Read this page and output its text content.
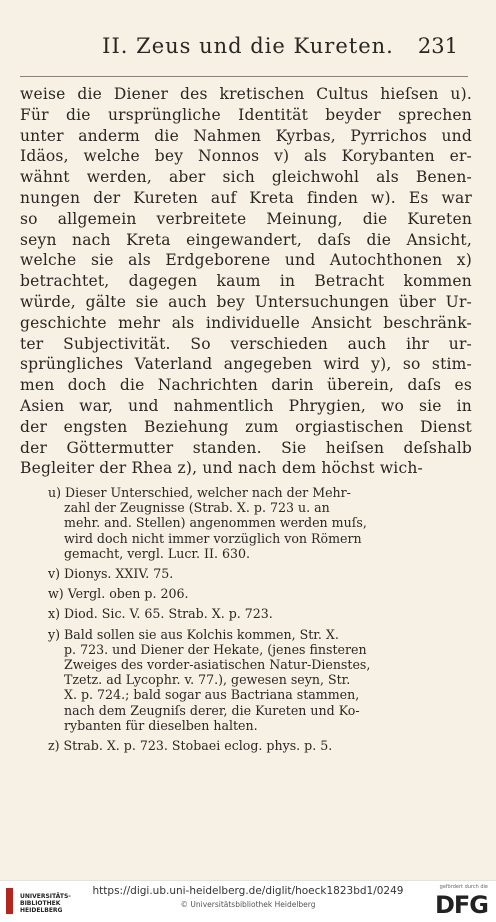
II. Zeus und die Kureten.	231

weise die Diener des kretischen Cultus hieſsen u).

Für die ursprüngliche Identität beyder sprechen

unter anderm die Nahmen Kyrbas, Pyrrichos und

Idäos, welche bey Nonnos v) als Korybanten er-

wähnt werden, aber sich gleichwohl als Benen-

nungen der Kureten auf Kreta finden w). Es war

so allgemein verbreitete Meinung, die Kureten

seyn nach Kreta eingewandert, daſs die Ansicht,

welche sie als Erdgeborene und Autochthonen x)

betrachtet, dagegen kaum in Betracht kommen

würde, gälte sie auch bey Untersuchungen über Ur-

geschichte mehr als individuelle Ansicht beschränk-

ter Subjectivität. So verschieden auch ihr ur-

sprüngliches Vaterland angegeben wird y), so stim-

men doch die Nachrichten darin überein, daſs es

Asien war, und nahmentlich Phrygien, wo sie in

der engsten Beziehung zum orgiastischen Dienst

der Göttermutter standen. Sie heiſsen deſshalb

Begleiter der Rhea z), und nach dem höchst wich-

u) Dieser Unterschied, welcher nach der Mehr-

zahl der Zeugnisse (Strab. X. p. 723 u. an

mehr. and. Stellen) angenommen werden muſs,

wird doch nicht immer vorzüglich von Römern

gemacht, vergl. Lucr. II. 630.

v) Dionys. XXIV. 75.

w) Vergl. oben p. 206.

x) Diod. Sic. V. 65. Strab. X. p. 723.

y) Bald sollen sie aus Kolchis kommen, Str. X.

p. 723. und Diener der Hekate, (jenes finsteren

Zweiges des vorder-asiatischen Natur-Dienstes,

Tzetz. ad Lycophr. v. 77.), gewesen seyn, Str.

X. p. 724.; bald sogar aus Bactriana stammen,

nach dem Zeugniſs derer, die Kureten und Ko-

rybanten für dieselben halten.

z) Strab. X. p. 723. Stobaei eclog. phys. p. 5.

UNIVERSITÄTS-
BIBLIOTHEK
HEIDELBERG
https://digi.ub.uni-heidelberg.de/diglit/hoeck1823bd1/0249
© Universitätsbibliothek Heidelberg
gefördert durch die
DFG
